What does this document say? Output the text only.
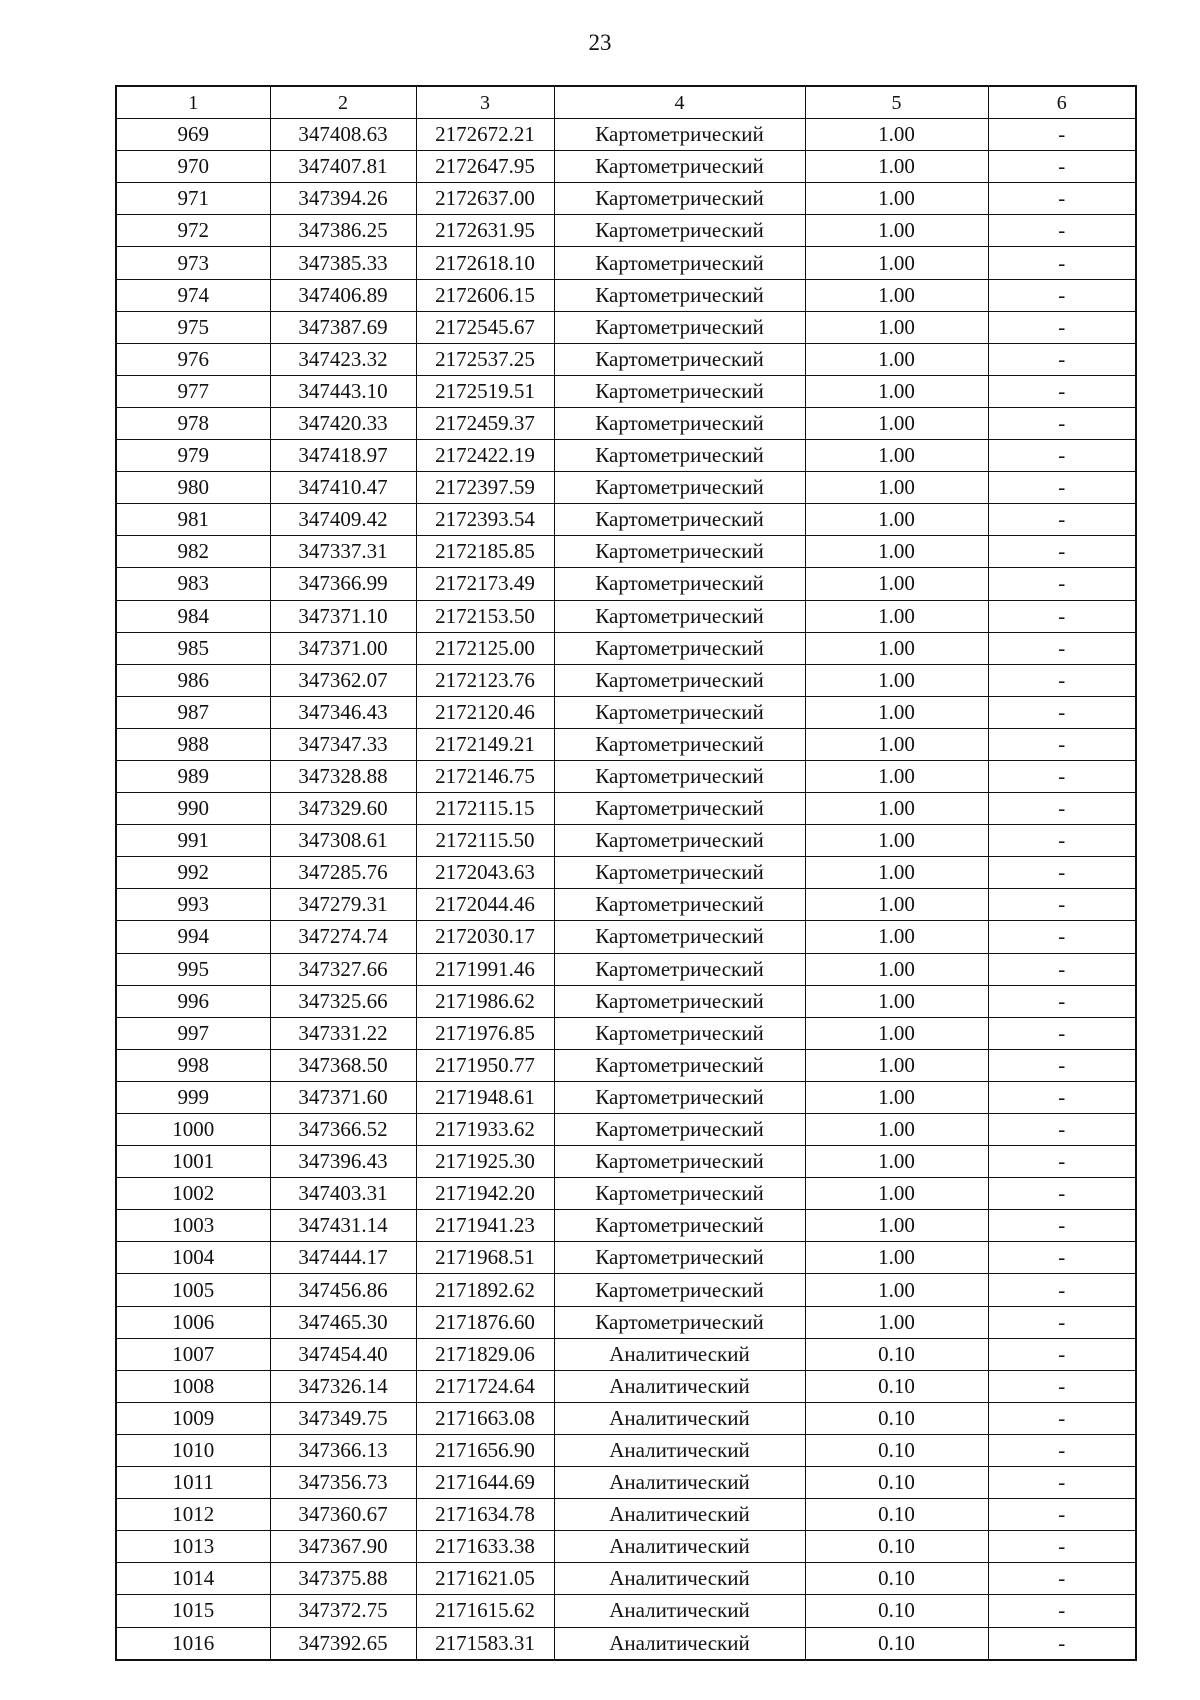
23
1	2	3	4	5	6
969	347408.63	2172672.21	Картометрический	1.00	-
970	347407.81	2172647.95	Картометрический	1.00	-
971	347394.26	2172637.00	Картометрический	1.00	-
972	347386.25	2172631.95	Картометрический	1.00	-
973	347385.33	2172618.10	Картометрический	1.00	-
974	347406.89	2172606.15	Картометрический	1.00	-
975	347387.69	2172545.67	Картометрический	1.00	-
976	347423.32	2172537.25	Картометрический	1.00	-
977	347443.10	2172519.51	Картометрический	1.00	-
978	347420.33	2172459.37	Картометрический	1.00	-
979	347418.97	2172422.19	Картометрический	1.00	-
980	347410.47	2172397.59	Картометрический	1.00	-
981	347409.42	2172393.54	Картометрический	1.00	-
982	347337.31	2172185.85	Картометрический	1.00	-
983	347366.99	2172173.49	Картометрический	1.00	-
984	347371.10	2172153.50	Картометрический	1.00	-
985	347371.00	2172125.00	Картометрический	1.00	-
986	347362.07	2172123.76	Картометрический	1.00	-
987	347346.43	2172120.46	Картометрический	1.00	-
988	347347.33	2172149.21	Картометрический	1.00	-
989	347328.88	2172146.75	Картометрический	1.00	-
990	347329.60	2172115.15	Картометрический	1.00	-
991	347308.61	2172115.50	Картометрический	1.00	-
992	347285.76	2172043.63	Картометрический	1.00	-
993	347279.31	2172044.46	Картометрический	1.00	-
994	347274.74	2172030.17	Картометрический	1.00	-
995	347327.66	2171991.46	Картометрический	1.00	-
996	347325.66	2171986.62	Картометрический	1.00	-
997	347331.22	2171976.85	Картометрический	1.00	-
998	347368.50	2171950.77	Картометрический	1.00	-
999	347371.60	2171948.61	Картометрический	1.00	-
1000	347366.52	2171933.62	Картометрический	1.00	-
1001	347396.43	2171925.30	Картометрический	1.00	-
1002	347403.31	2171942.20	Картометрический	1.00	-
1003	347431.14	2171941.23	Картометрический	1.00	-
1004	347444.17	2171968.51	Картометрический	1.00	-
1005	347456.86	2171892.62	Картометрический	1.00	-
1006	347465.30	2171876.60	Картометрический	1.00	-
1007	347454.40	2171829.06	Аналитический	0.10	-
1008	347326.14	2171724.64	Аналитический	0.10	-
1009	347349.75	2171663.08	Аналитический	0.10	-
1010	347366.13	2171656.90	Аналитический	0.10	-
1011	347356.73	2171644.69	Аналитический	0.10	-
1012	347360.67	2171634.78	Аналитический	0.10	-
1013	347367.90	2171633.38	Аналитический	0.10	-
1014	347375.88	2171621.05	Аналитический	0.10	-
1015	347372.75	2171615.62	Аналитический	0.10	-
1016	347392.65	2171583.31	Аналитический	0.10	-
